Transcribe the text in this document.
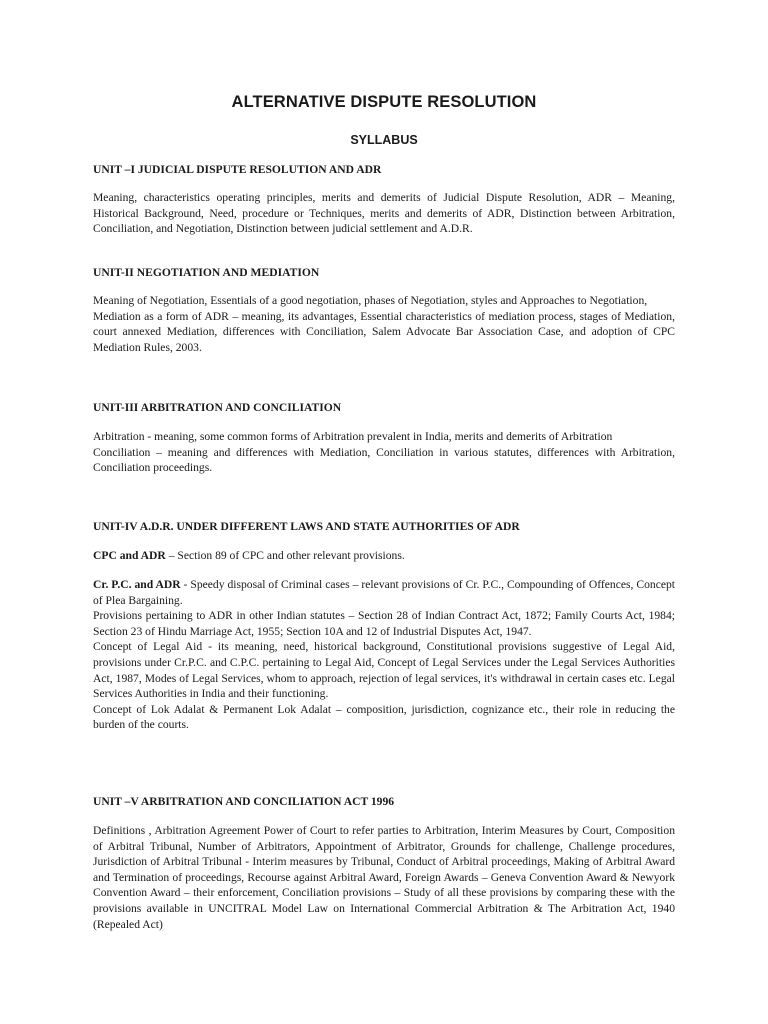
ALTERNATIVE DISPUTE RESOLUTION
SYLLABUS
UNIT –I JUDICIAL DISPUTE RESOLUTION AND ADR

Meaning, characteristics operating principles, merits and demerits of Judicial Dispute Resolution, ADR – Meaning, Historical Background, Need, procedure or Techniques, merits and demerits of ADR, Distinction between Arbitration, Conciliation, and Negotiation, Distinction between judicial settlement and A.D.R.

UNIT-II NEGOTIATION AND MEDIATION

Meaning of Negotiation, Essentials of a good negotiation, phases of Negotiation, styles and Approaches to Negotiation,

Mediation as a form of ADR – meaning, its advantages, Essential characteristics of mediation process, stages of Mediation, court annexed Mediation, differences with Conciliation, Salem Advocate Bar Association Case, and adoption of CPC Mediation Rules, 2003.

UNIT-III ARBITRATION AND CONCILIATION

Arbitration - meaning, some common forms of Arbitration prevalent in India, merits and demerits of Arbitration

Conciliation – meaning and differences with Mediation, Conciliation in various statutes, differences with Arbitration, Conciliation proceedings.

UNIT-IV A.D.R. UNDER DIFFERENT LAWS AND STATE AUTHORITIES OF ADR

CPC and ADR – Section 89 of CPC and other relevant provisions.

Cr. P.C. and ADR - Speedy disposal of Criminal cases – relevant provisions of Cr. P.C., Compounding of Offences, Concept of Plea Bargaining.

Provisions pertaining to ADR in other Indian statutes – Section 28 of Indian Contract Act, 1872; Family Courts Act, 1984; Section 23 of Hindu Marriage Act, 1955; Section 10A and 12 of Industrial Disputes Act, 1947.

Concept of Legal Aid - its meaning, need, historical background, Constitutional provisions suggestive of Legal Aid, provisions under Cr.P.C. and C.P.C. pertaining to Legal Aid, Concept of Legal Services under the Legal Services Authorities Act, 1987, Modes of Legal Services, whom to approach, rejection of legal services, it's withdrawal in certain cases etc. Legal Services Authorities in India and their functioning.

Concept of Lok Adalat & Permanent Lok Adalat – composition, jurisdiction, cognizance etc., their role in reducing the burden of the courts.

UNIT –V ARBITRATION AND CONCILIATION ACT 1996

Definitions , Arbitration Agreement Power of Court to refer parties to Arbitration, Interim Measures by Court, Composition of Arbitral Tribunal, Number of Arbitrators, Appointment of Arbitrator, Grounds for challenge, Challenge procedures, Jurisdiction of Arbitral Tribunal - Interim measures by Tribunal, Conduct of Arbitral proceedings, Making of Arbitral Award and Termination of proceedings, Recourse against Arbitral Award, Foreign Awards – Geneva Convention Award & Newyork Convention Award – their enforcement, Conciliation provisions – Study of all these provisions by comparing these with the provisions available in UNCITRAL Model Law on International Commercial Arbitration & The Arbitration Act, 1940 (Repealed Act)
